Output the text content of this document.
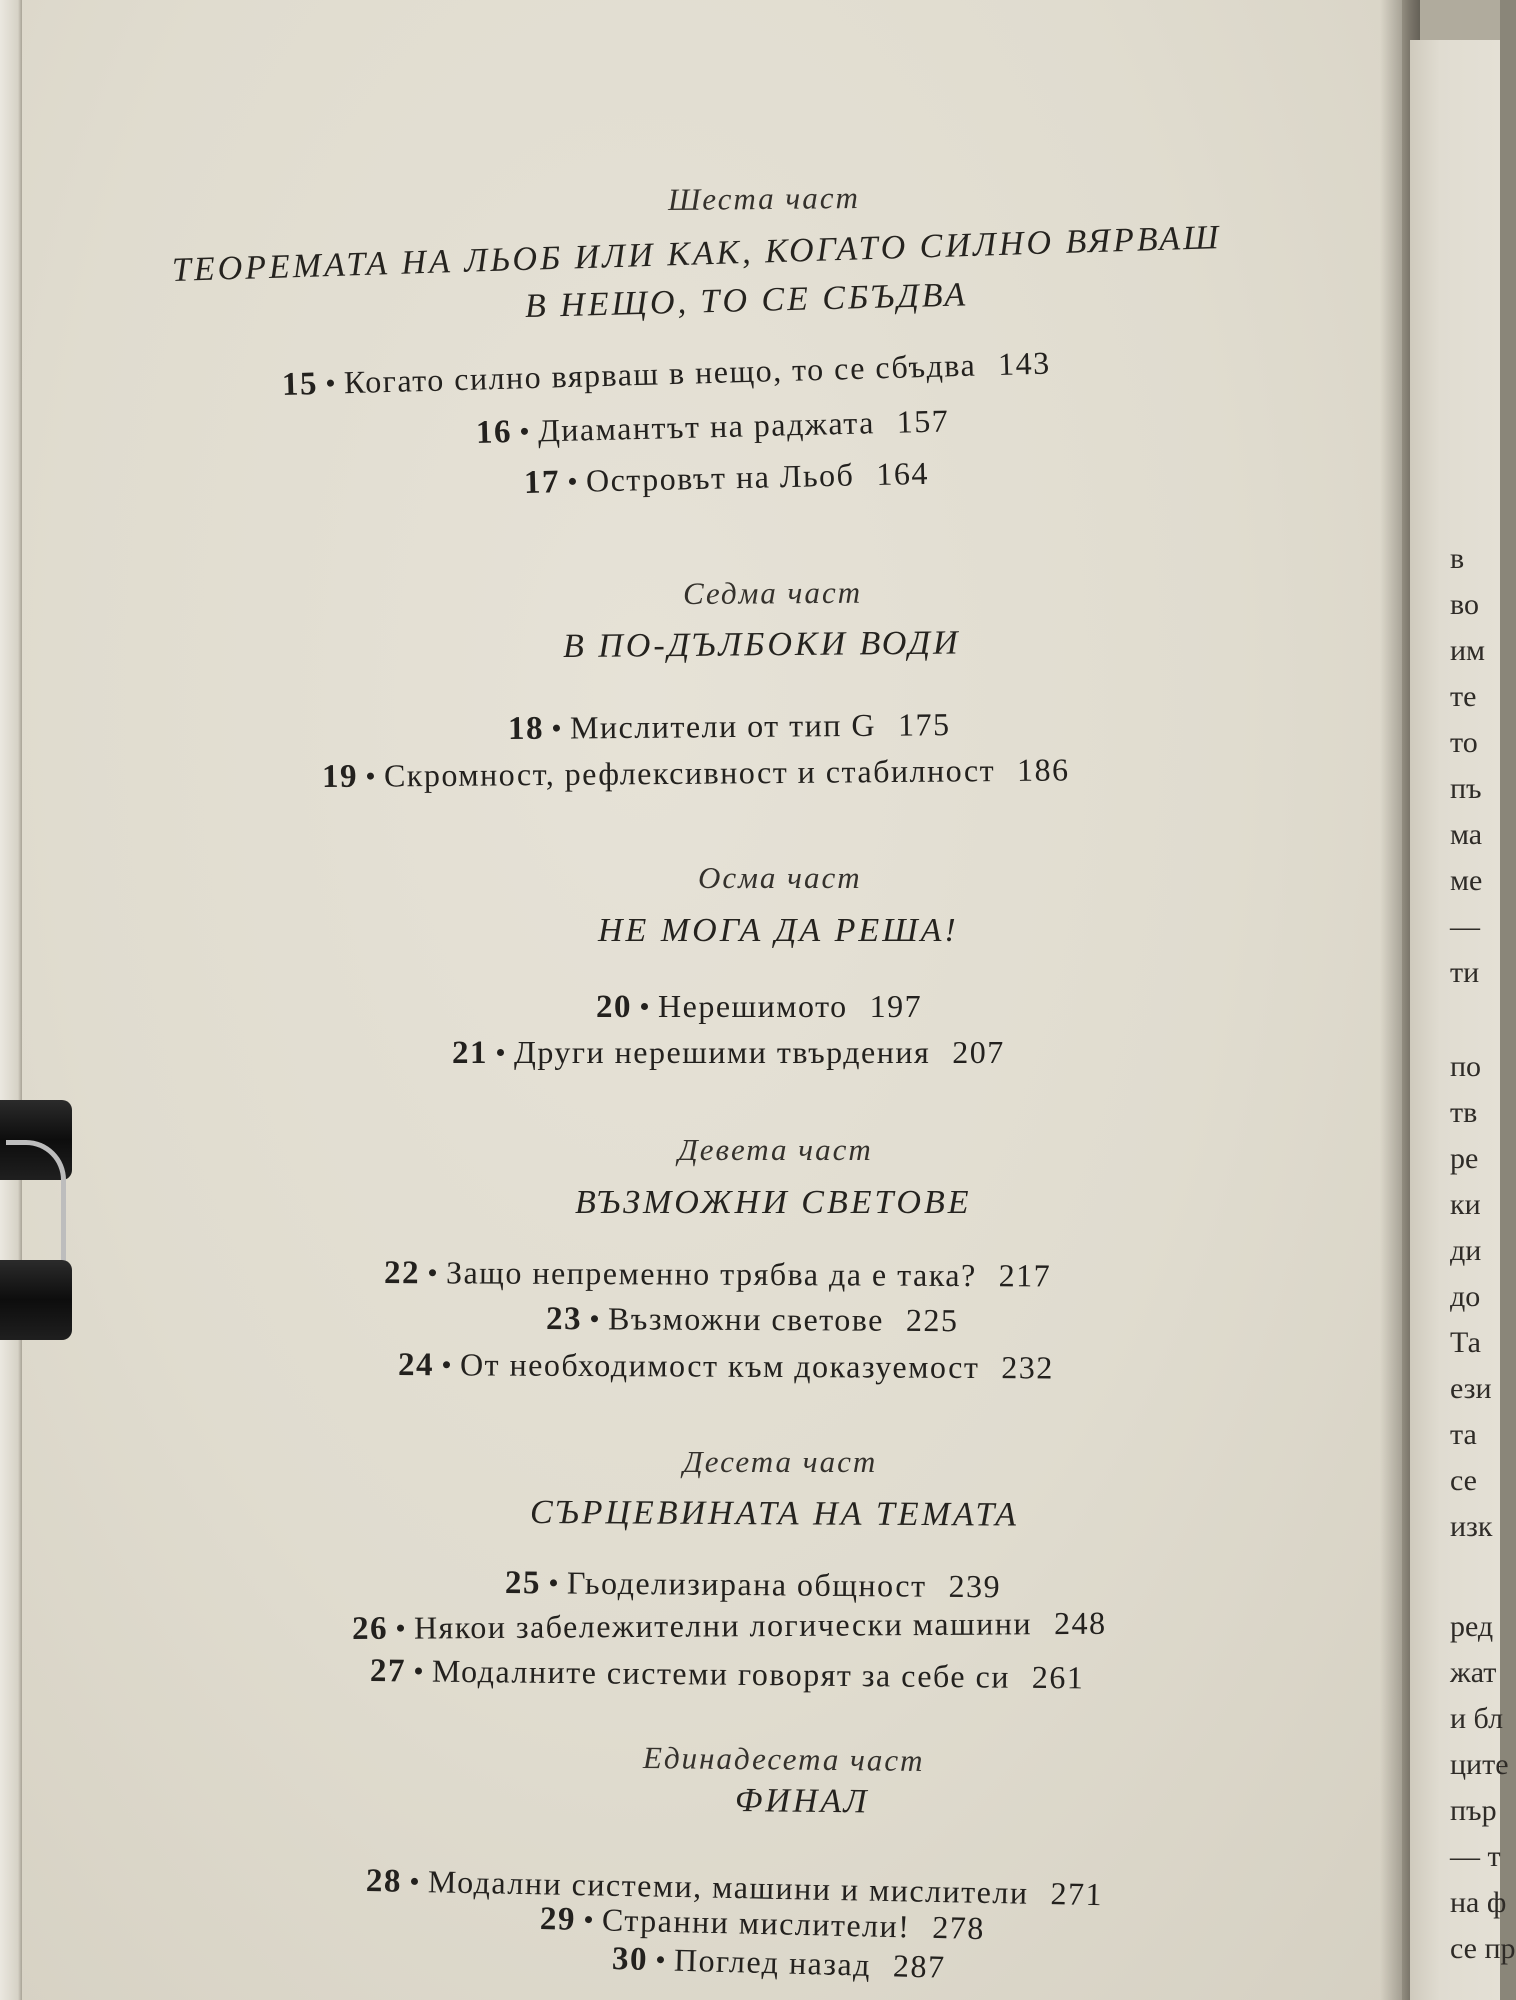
в
во
им
те
то
пъ
ма
ме
—
ти
по
тв
ре
ки
ди
до
Та
ези
та
се
изк
ред
жат
и бл
ците
пър
— т
на ф
се пр
Шеста част
ТЕОРЕМАТА НА ЛЬОБ ИЛИ КАК, КОГАТО СИЛНО ВЯРВАШ
В НЕЩО, ТО СЕ СБЪДВА
15 Когато силно вярваш в нещо, то се сбъдва 143
16 Диамантът на раджата 157
17 Островът на Льоб 164
Седма част
В ПО-ДЪЛБОКИ ВОДИ
18 Мислители от тип G 175
19 Скромност, рефлексивност и стабилност 186
Осма част
НЕ МОГА ДА РЕША!
20 Нерешимото 197
21 Други нерешими твърдения 207
Девета част
ВЪЗМОЖНИ СВЕТОВЕ
22 Защо непременно трябва да е така? 217
23 Възможни светове 225
24 От необходимост към доказуемост 232
Десета част
СЪРЦЕВИНАТА НА ТЕМАТА
25 Гьоделизирана общност 239
26 Някои забележителни логически машини 248
27 Модалните системи говорят за себе си 261
Единадесета част
ФИНАЛ
28 Модални системи, машини и мислители 271
29 Странни мислители! 278
30 Поглед назад 287
